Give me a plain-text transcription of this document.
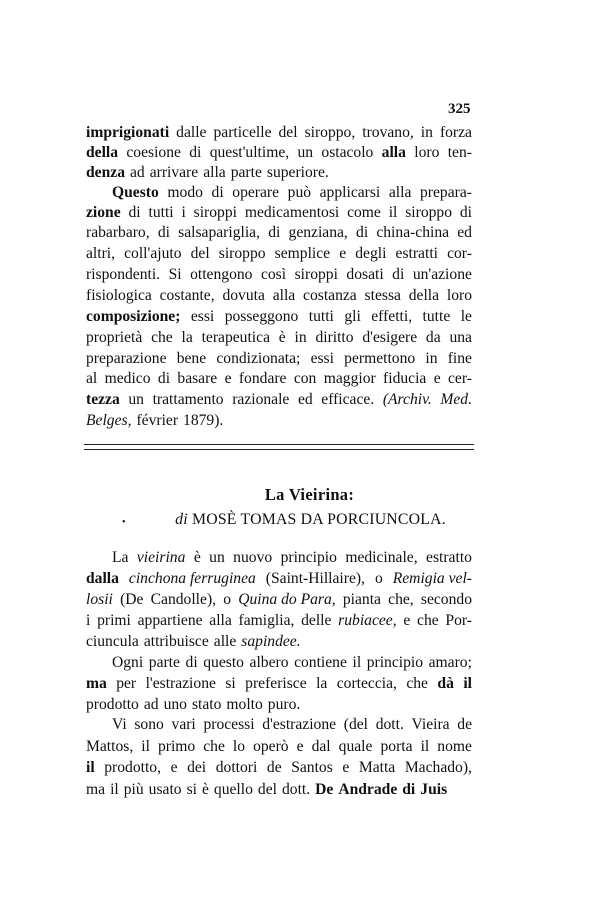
325
imprigionati dalle particelle del siroppo, trovano, in forza
della coesione di quest'ultime, un ostacolo alla loro ten-
denza ad arrivare alla parte superiore.
Questo modo di operare può applicarsi alla prepara-
zione di tutti i siroppi medicamentosi come il siroppo di
rabarbaro, di salsapariglia, di genziana, di china-china ed
altri, coll'ajuto del siroppo semplice e degli estratti cor-
rispondenti. Si ottengono così siroppi dosati di un'azione
fisiologica costante, dovuta alla costanza stessa della loro
composizione; essi posseggono tutti gli effetti, tutte le
proprietà che la terapeutica è in diritto d'esigere da una
preparazione bene condizionata; essi permettono in fine
al medico di basare e fondare con maggior fiducia e cer-
tezza un trattamento razionale ed efficace. (Archiv. Med.
Belges, février 1879).
La Vieirina:
•	di MOSÈ TOMAS DA PORCIUNCOLA.
La vieirina è un nuovo principio medicinale, estratto
dalla cinchona ferruginea (Saint-Hillaire), o Remigia vel-
losii (De Candolle), o Quina do Para, pianta che, secondo
i primi appartiene alla famiglia, delle rubiacee, e che Por-
ciuncula attribuisce alle sapindee.
Ogni parte di questo albero contiene il principio amaro;
ma per l'estrazione si preferisce la corteccia, che dà il
prodotto ad uno stato molto puro.
Vi sono vari processi d'estrazione (del dott. Vieira de
Mattos, il primo che lo operò e dal quale porta il nome
il prodotto, e dei dottori de Santos e Matta Machado),
ma il più usato si è quello del dott. De Andrade di Juis
